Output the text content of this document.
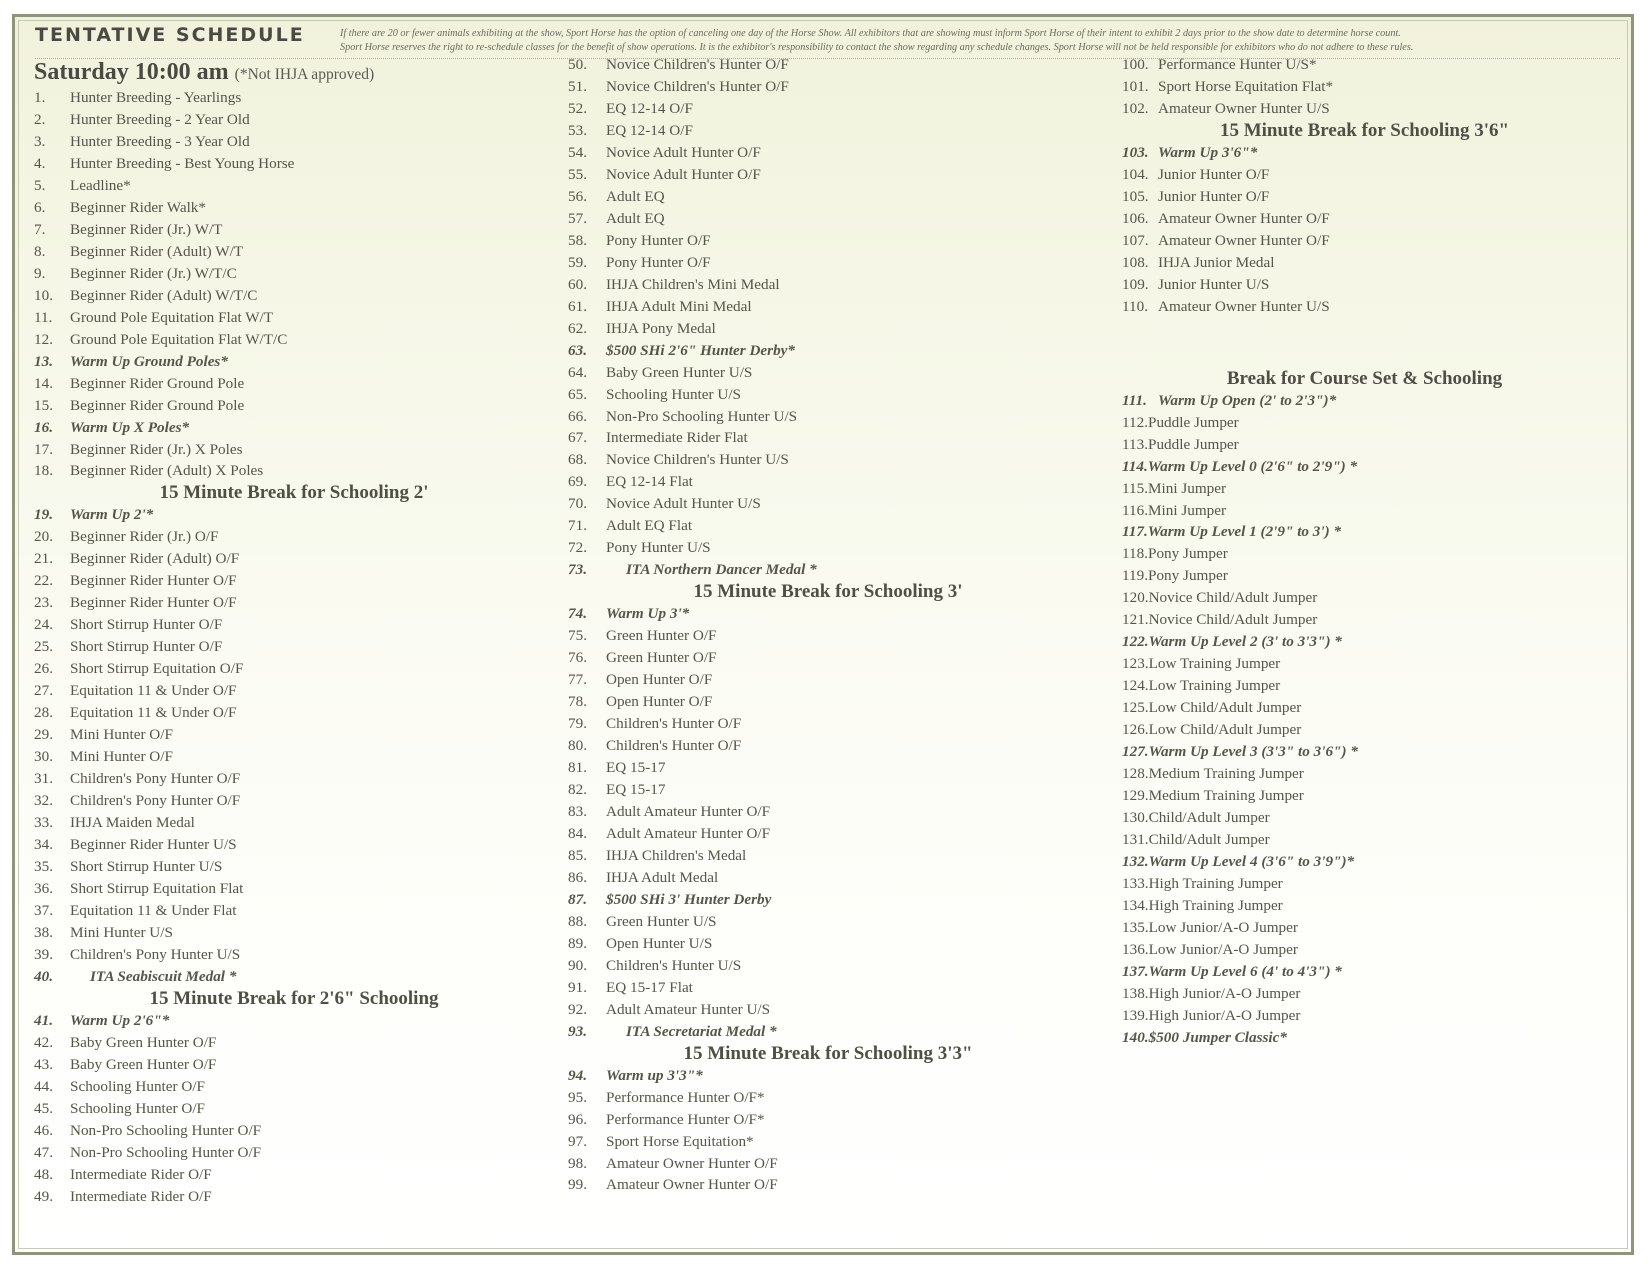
TENTATIVE SCHEDULE	If there are 20 or fewer animals exhibiting at the show, Sport Horse has the option of canceling one day of the Horse Show. All exhibitors that are showing must inform Sport Horse of their intent to exhibit 2 days prior to the show date to determine horse count.
Sport Horse reserves the right to re-schedule classes for the benefit of show operations. It is the exhibitor's responsibility to contact the show regarding any schedule changes. Sport Horse will not be held responsible for exhibitors who do not adhere to these rules.
Saturday 10:00 am (*Not IHJA approved)
1.	Hunter Breeding - Yearlings
2.	Hunter Breeding - 2 Year Old
3.	Hunter Breeding - 3 Year Old
4.	Hunter Breeding - Best Young Horse
5.	Leadline*
6.	Beginner Rider Walk*
7.	Beginner Rider (Jr.) W/T
8.	Beginner Rider (Adult) W/T
9.	Beginner Rider (Jr.) W/T/C
10.	Beginner Rider (Adult) W/T/C
11.	Ground Pole Equitation Flat W/T
12.	Ground Pole Equitation Flat W/T/C
13.	Warm Up Ground Poles*
14.	Beginner Rider Ground Pole
15.	Beginner Rider Ground Pole
16.	Warm Up X Poles*
17.	Beginner Rider (Jr.) X Poles
18.	Beginner Rider (Adult) X Poles
15 Minute Break for Schooling 2'
19.	Warm Up 2'*
20.	Beginner Rider (Jr.) O/F
21.	Beginner Rider (Adult) O/F
22.	Beginner Rider Hunter O/F
23.	Beginner Rider Hunter O/F
24.	Short Stirrup Hunter O/F
25.	Short Stirrup Hunter O/F
26.	Short Stirrup Equitation O/F
27.	Equitation 11 & Under O/F
28.	Equitation 11 & Under O/F
29.	Mini Hunter O/F
30.	Mini Hunter O/F
31.	Children's Pony Hunter O/F
32.	Children's Pony Hunter O/F
33.	IHJA Maiden Medal
34.	Beginner Rider Hunter U/S
35.	Short Stirrup Hunter U/S
36.	Short Stirrup Equitation Flat
37.	Equitation 11 & Under Flat
38.	Mini Hunter U/S
39.	Children's Pony Hunter U/S
40.	ITA Seabiscuit Medal *
15 Minute Break for 2'6" Schooling
41.	Warm Up 2'6"*
42.	Baby Green Hunter O/F
43.	Baby Green Hunter O/F
44.	Schooling Hunter O/F
45.	Schooling Hunter O/F
46.	Non-Pro Schooling Hunter O/F
47.	Non-Pro Schooling Hunter O/F
48.	Intermediate Rider O/F
49.	Intermediate Rider O/F
50.	Novice Children's Hunter O/F
51.	Novice Children's Hunter O/F
52.	EQ 12-14 O/F
53.	EQ 12-14 O/F
54.	Novice Adult Hunter O/F
55.	Novice Adult Hunter O/F
56.	Adult EQ
57.	Adult EQ
58.	Pony Hunter O/F
59.	Pony Hunter O/F
60.	IHJA Children's Mini Medal
61.	IHJA Adult Mini Medal
62.	IHJA Pony Medal
63.	$500 SHi 2'6" Hunter Derby*
64.	Baby Green Hunter U/S
65.	Schooling Hunter U/S
66.	Non-Pro Schooling Hunter U/S
67.	Intermediate Rider Flat
68.	Novice Children's Hunter U/S
69.	EQ 12-14 Flat
70.	Novice Adult Hunter U/S
71.	Adult EQ Flat
72.	Pony Hunter U/S
73.	ITA Northern Dancer Medal *
15 Minute Break for Schooling 3'
74.	Warm Up 3'*
75.	Green Hunter O/F
76.	Green Hunter O/F
77.	Open Hunter O/F
78.	Open Hunter O/F
79.	Children's Hunter O/F
80.	Children's Hunter O/F
81.	EQ 15-17
82.	EQ 15-17
83.	Adult Amateur Hunter O/F
84.	Adult Amateur Hunter O/F
85.	IHJA Children's Medal
86.	IHJA Adult Medal
87.	$500 SHi 3' Hunter Derby
88.	Green Hunter U/S
89.	Open Hunter U/S
90.	Children's Hunter U/S
91.	EQ 15-17 Flat
92.	Adult Amateur Hunter U/S
93.	ITA Secretariat Medal *
15 Minute Break for Schooling 3'3"
94.	Warm up 3'3"*
95.	Performance Hunter O/F*
96.	Performance Hunter O/F*
97.	Sport Horse Equitation*
98.	Amateur Owner Hunter O/F
99.	Amateur Owner Hunter O/F
100. Performance Hunter U/S*
101. Sport Horse Equitation Flat*
102. Amateur Owner Hunter U/S
15 Minute Break for Schooling 3'6"
103. Warm Up 3'6"*
104. Junior Hunter O/F
105. Junior Hunter O/F
106. Amateur Owner Hunter O/F
107. Amateur Owner Hunter O/F
108. IHJA Junior Medal
109. Junior Hunter U/S
110. Amateur Owner Hunter U/S
Break for Course Set & Schooling
111. Warm Up Open (2' to 2'3")*
112.Puddle Jumper
113.Puddle Jumper
114.Warm Up Level 0 (2'6" to 2'9") *
115.Mini Jumper
116.Mini Jumper
117.Warm Up Level 1 (2'9" to 3') *
118.Pony Jumper
119.Pony Jumper
120.Novice Child/Adult Jumper
121.Novice Child/Adult Jumper
122.Warm Up Level 2 (3' to 3'3") *
123.Low Training Jumper
124.Low Training Jumper
125.Low Child/Adult Jumper
126.Low Child/Adult Jumper
127.Warm Up Level 3 (3'3" to 3'6") *
128.Medium Training Jumper
129.Medium Training Jumper
130.Child/Adult Jumper
131.Child/Adult Jumper
132.Warm Up Level 4 (3'6" to 3'9")*
133.High Training Jumper
134.High Training Jumper
135.Low Junior/A-O Jumper
136.Low Junior/A-O Jumper
137.Warm Up Level 6 (4' to 4'3") *
138.High Junior/A-O Jumper
139.High Junior/A-O Jumper
140.$500 Jumper Classic*
